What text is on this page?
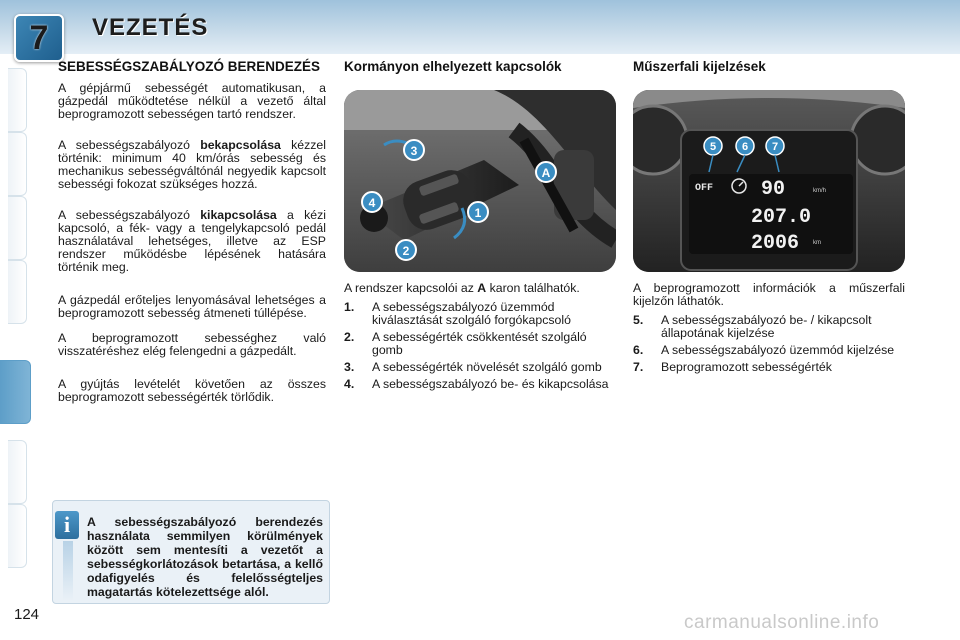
7 VEZETÉS
SEBESSÉGSZABÁLYOZÓ BERENDEZÉS

A gépjármű sebességét automatikusan, a gázpedál működtetése nélkül a vezető által beprogramozott sebességen tartó rendszer.

A sebességszabályozó bekapcsolása kézzel történik: minimum 40 km/órás sebesség és mechanikus sebességváltónál negyedik kapcsolt sebességi fokozat szükséges hozzá.

A sebességszabályozó kikapcsolása a kézi kapcsoló, a fék- vagy a tengelykapcsoló pedál használatával lehetséges, illetve az ESP rendszer működésbe lépésének hatására történik meg.

A gázpedál erőteljes lenyomásával lehetséges a beprogramozott sebesség átmeneti túllépése.

A beprogramozott sebességhez való visszatéréshez elég felengedni a gázpedált.

A gyújtás levételét követően az összes beprogramozott sebességérték törlődik.

i	A sebességszabályozó berendezés használata semmilyen körülmények között sem mentesíti a vezetőt a sebességkorlátozások betartása, a kellő odafigyelés és felelősségteljes magatartás kötelezettsége alól.
Kormányon elhelyezett kapcsolók
3
A
4
1
2

A rendszer kapcsolói az A karon találhatók.

1.	A sebességszabályozó üzemmód kiválasztását szolgáló forgókapcsoló
2.	A sebességérték csökkentését szolgáló gomb
3.	A sebességérték növelését szolgáló gomb
4.	A sebességszabályozó be- és kikapcsolása
Műszerfali kijelzések
5 6 7
OFF 90	km/h
207.0
2006 km

A beprogramozott információk a műszerfali kijelzőn láthatók.

5.	A sebességszabályozó be- / kikapcsolt állapotának kijelzése
6.	A sebességszabályozó üzemmód kijelzése
7.	Beprogramozott sebességérték
124	carmanualsonline.info
